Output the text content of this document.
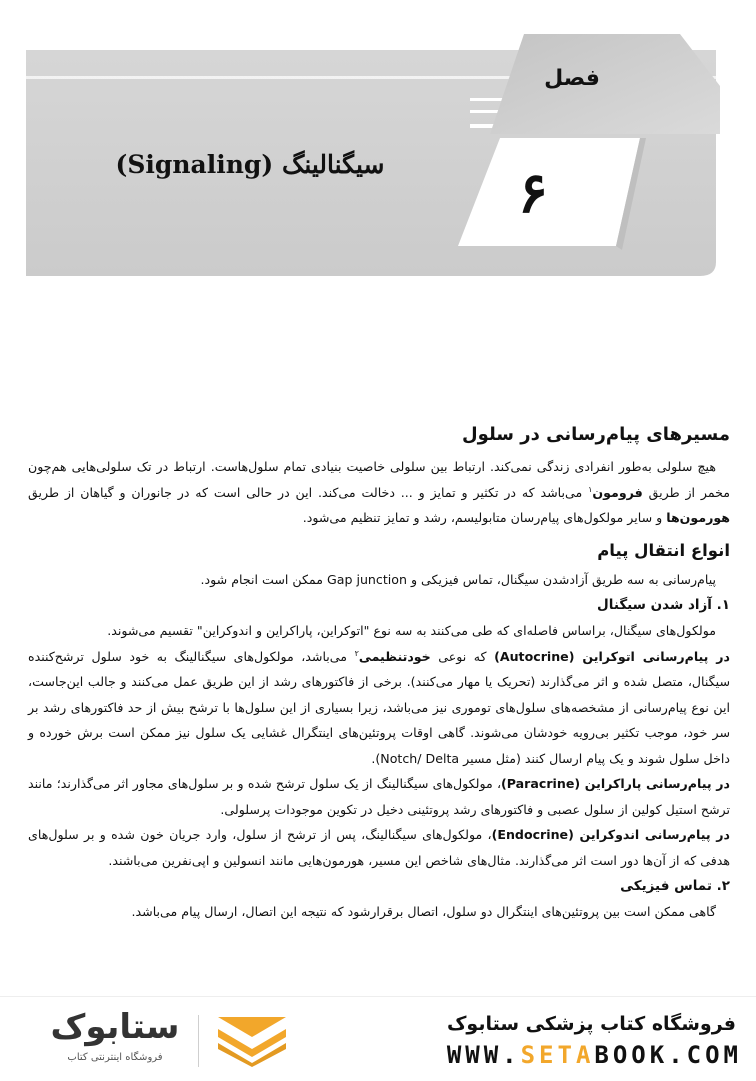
فصل
۶
سیگنالینگ (Signaling)

مسیرهای پیام‌رسانی در سلول

هیچ سلولی به‌طور انفرادی زندگی نمی‌کند. ارتباط بین سلولی خاصیت بنیادی تمام سلول‌هاست. ارتباط در تک سلولی‌هایی هم‌چون مخمر از طریق فرومون$^۱$ می‌باشد که در تکثیر و تمایز و ... دخالت می‌کند. این در حالی است که در جانوران و گیاهان از طریق هورمون‌ها و سایر مولکول‌های پیام‌رسان متابولیسم، رشد و تمایز تنظیم می‌شود.

انواع انتقال پیام

پیام‌رسانی به سه طریق آزادشدن سیگنال، تماس فیزیکی و Gap junction ممکن است انجام شود.

۱. آزاد شدن سیگنال

مولکول‌های سیگنال، براساس فاصله‌ای که طی می‌کنند به سه نوع "اتوکراین، پاراکراین و اندوکراین" تقسیم می‌شوند.

در پیام‌رسانی اتوکراین (Autocrine) که نوعی خودتنظیمی$^۲$ می‌باشد، مولکول‌های سیگنالینگ به خود سلول ترشح‌کننده سیگنال، متصل شده و اثر می‌گذارند (تحریک یا مهار می‌کنند). برخی از فاکتورهای رشد از این طریق عمل می‌کنند و جالب این‌جاست، این نوع پیام‌رسانی از مشخصه‌های سلول‌های توموری نیز می‌باشد، زیرا بسیاری از این سلول‌ها با ترشح بیش از حد فاکتورهای رشد بر سر خود، موجب تکثیر بی‌رویه خودشان می‌شوند. گاهی اوقات پروتئین‌های اینتگرال غشایی یک سلول نیز ممکن است برش خورده و داخل سلول شوند و یک پیام ارسال کنند (مثل مسیر Notch/ Delta).

در پیام‌رسانی پاراکراین (Paracrine)، مولکول‌های سیگنالینگ از یک سلول ترشح شده و بر سلول‌های مجاور اثر می‌گذارند؛ مانند ترشح استیل کولین از سلول عصبی و فاکتورهای رشد پروتئینی دخیل در تکوین موجودات پرسلولی.

در پیام‌رسانی اندوکراین (Endocrine)، مولکول‌های سیگنالینگ، پس از ترشح از سلول، وارد جریان خون شده و بر سلول‌های هدفی که از آن‌ها دور است اثر می‌گذارند. مثال‌های شاخص این مسیر، هورمون‌هایی مانند انسولین و اپی‌نفرین می‌باشند.

۲. تماس فیزیکی

گاهی ممکن است بین پروتئین‌های اینتگرال دو سلول، اتصال برقرارشود که نتیجه این اتصال، ارسال پیام می‌باشد.

فروشگاه کتاب پزشکی ستابوک
WWW.SETABOOK.COM
ستابوک
فروشگاه اینترنتی کتاب
